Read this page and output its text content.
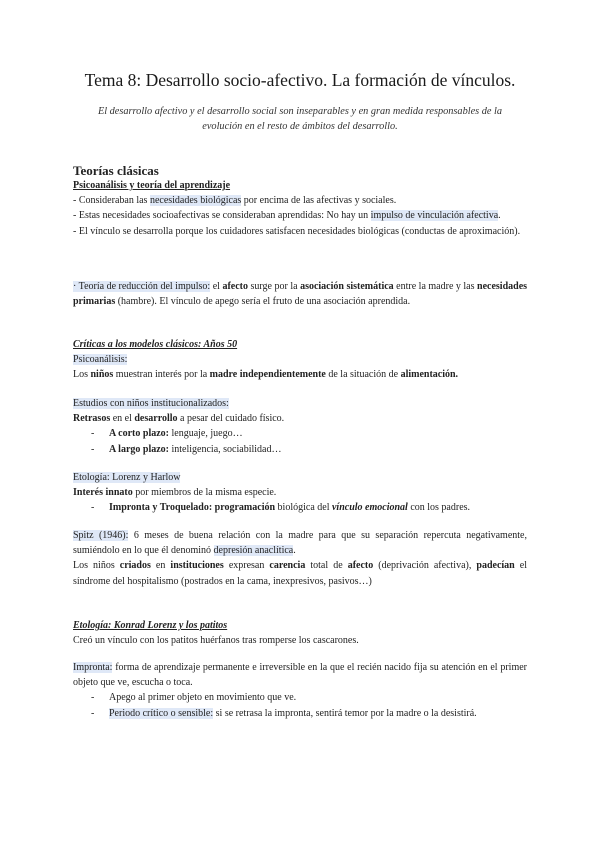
Tema 8: Desarrollo socio-afectivo. La formación de vínculos.
El desarrollo afectivo y el desarrollo social son inseparables y en gran medida responsables de la evolución en el resto de ámbitos del desarrollo.
Teorías clásicas
Psicoanálisis y teoría del aprendizaje
- Consideraban las necesidades biológicas por encima de las afectivas y sociales.
- Estas necesidades socioafectivas se consideraban aprendidas: No hay un impulso de vinculación afectiva.
- El vínculo se desarrolla porque los cuidadores satisfacen necesidades biológicas (conductas de aproximación).
· Teoría de reducción del impulso: el afecto surge por la asociación sistemática entre la madre y las necesidades primarias (hambre). El vínculo de apego sería el fruto de una asociación aprendida.
Críticas a los modelos clásicos: Años 50
Psicoanálisis:
Los niños muestran interés por la madre independientemente de la situación de alimentación.
Estudios con niños institucionalizados:
Retrasos en el desarrollo a pesar del cuidado físico.
-	A corto plazo: lenguaje, juego…
-	A largo plazo: inteligencia, sociabilidad…
Etología: Lorenz y Harlow
Interés innato por miembros de la misma especie.
-	Impronta y Troquelado: programación biológica del vínculo emocional con los padres.
Spitz (1946): 6 meses de buena relación con la madre para que su separación repercuta negativamente, sumiéndolo en lo que él denominó depresión anaclítica.
Los niños criados en instituciones expresan carencia total de afecto (deprivación afectiva), padecían el síndrome del hospitalismo (postrados en la cama, inexpresivos, pasivos…)
Etología: Konrad Lorenz y los patitos
Creó un vínculo con los patitos huérfanos tras romperse los cascarones.
Impronta: forma de aprendizaje permanente e irreversible en la que el recién nacido fija su atención en el primer objeto que ve, escucha o toca.
-	Apego al primer objeto en movimiento que ve.
-	Periodo crítico o sensible: si se retrasa la impronta, sentirá temor por la madre o la desistirá.
